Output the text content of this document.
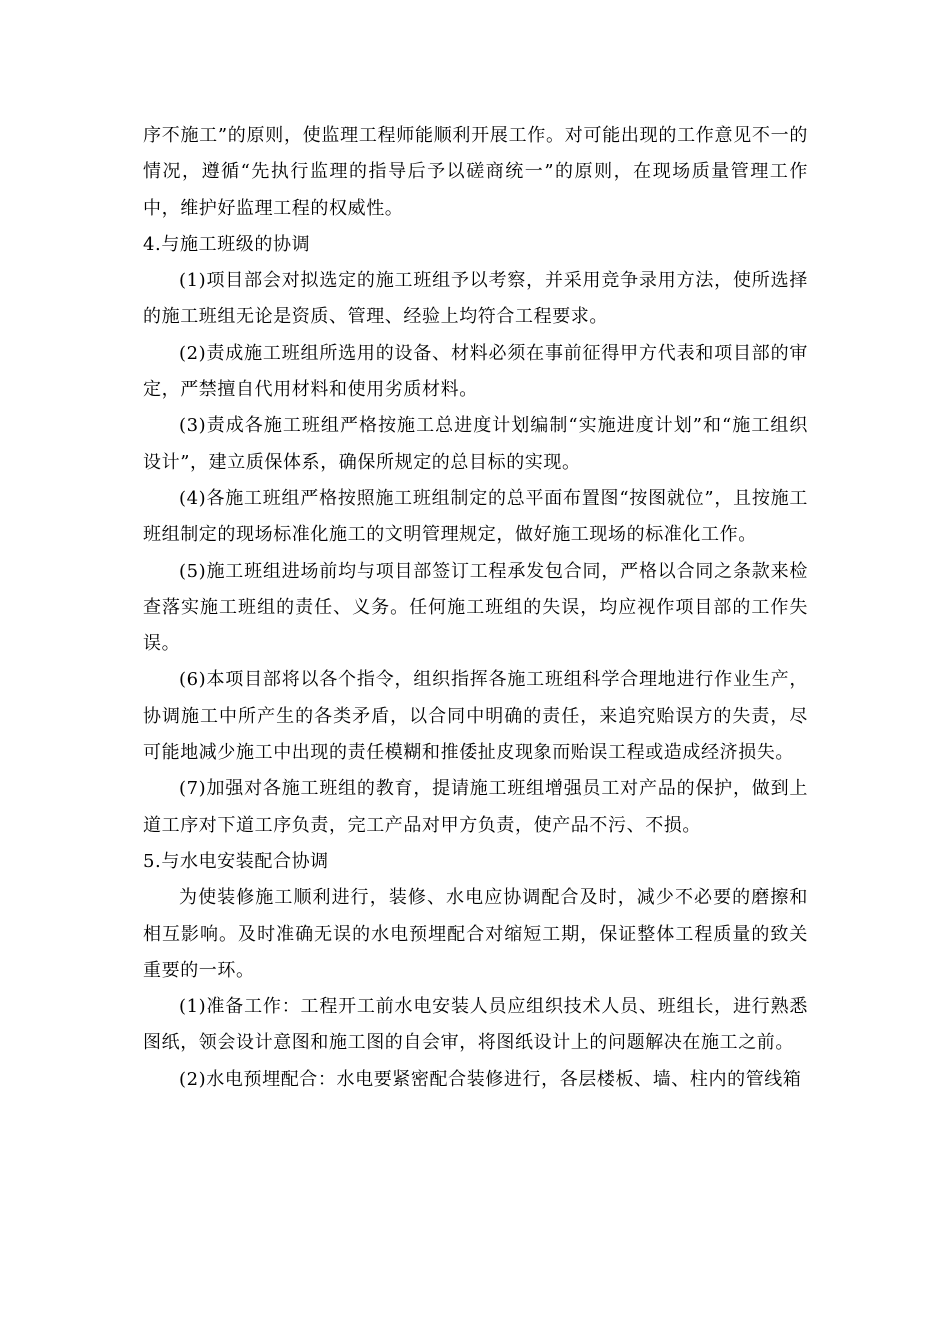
序不施工”的原则，使监理工程师能顺利开展工作。对可能出现的工作意见不一的情况，遵循“先执行监理的指导后予以磋商统一”的原则，在现场质量管理工作中，维护好监理工程的权威性。

4.与施工班级的协调

(1)项目部会对拟选定的施工班组予以考察，并采用竞争录用方法，使所选择的施工班组无论是资质、管理、经验上均符合工程要求。

(2)责成施工班组所选用的设备、材料必须在事前征得甲方代表和项目部的审定，严禁擅自代用材料和使用劣质材料。

(3)责成各施工班组严格按施工总进度计划编制“实施进度计划”和“施工组织设计”，建立质保体系，确保所规定的总目标的实现。

(4)各施工班组严格按照施工班组制定的总平面布置图“按图就位”，且按施工班组制定的现场标准化施工的文明管理规定，做好施工现场的标准化工作。

(5)施工班组进场前均与项目部签订工程承发包合同，严格以合同之条款来检查落实施工班组的责任、义务。任何施工班组的失误，均应视作项目部的工作失误。

(6)本项目部将以各个指令，组织指挥各施工班组科学合理地进行作业生产，协调施工中所产生的各类矛盾，以合同中明确的责任，来追究贻误方的失责，尽可能地减少施工中出现的责任模糊和推倭扯皮现象而贻误工程或造成经济损失。

(7)加强对各施工班组的教育，提请施工班组增强员工对产品的保护，做到上道工序对下道工序负责，完工产品对甲方负责，使产品不污、不损。

5.与水电安装配合协调

为使装修施工顺利进行，装修、水电应协调配合及时，减少不必要的磨擦和相互影响。及时准确无误的水电预埋配合对缩短工期，保证整体工程质量的致关重要的一环。

(1)准备工作：工程开工前水电安装人员应组织技术人员、班组长，进行熟悉图纸，领会设计意图和施工图的自会审，将图纸设计上的问题解决在施工之前。

(2)水电预埋配合：水电要紧密配合装修进行，各层楼板、墙、柱内的管线箱
